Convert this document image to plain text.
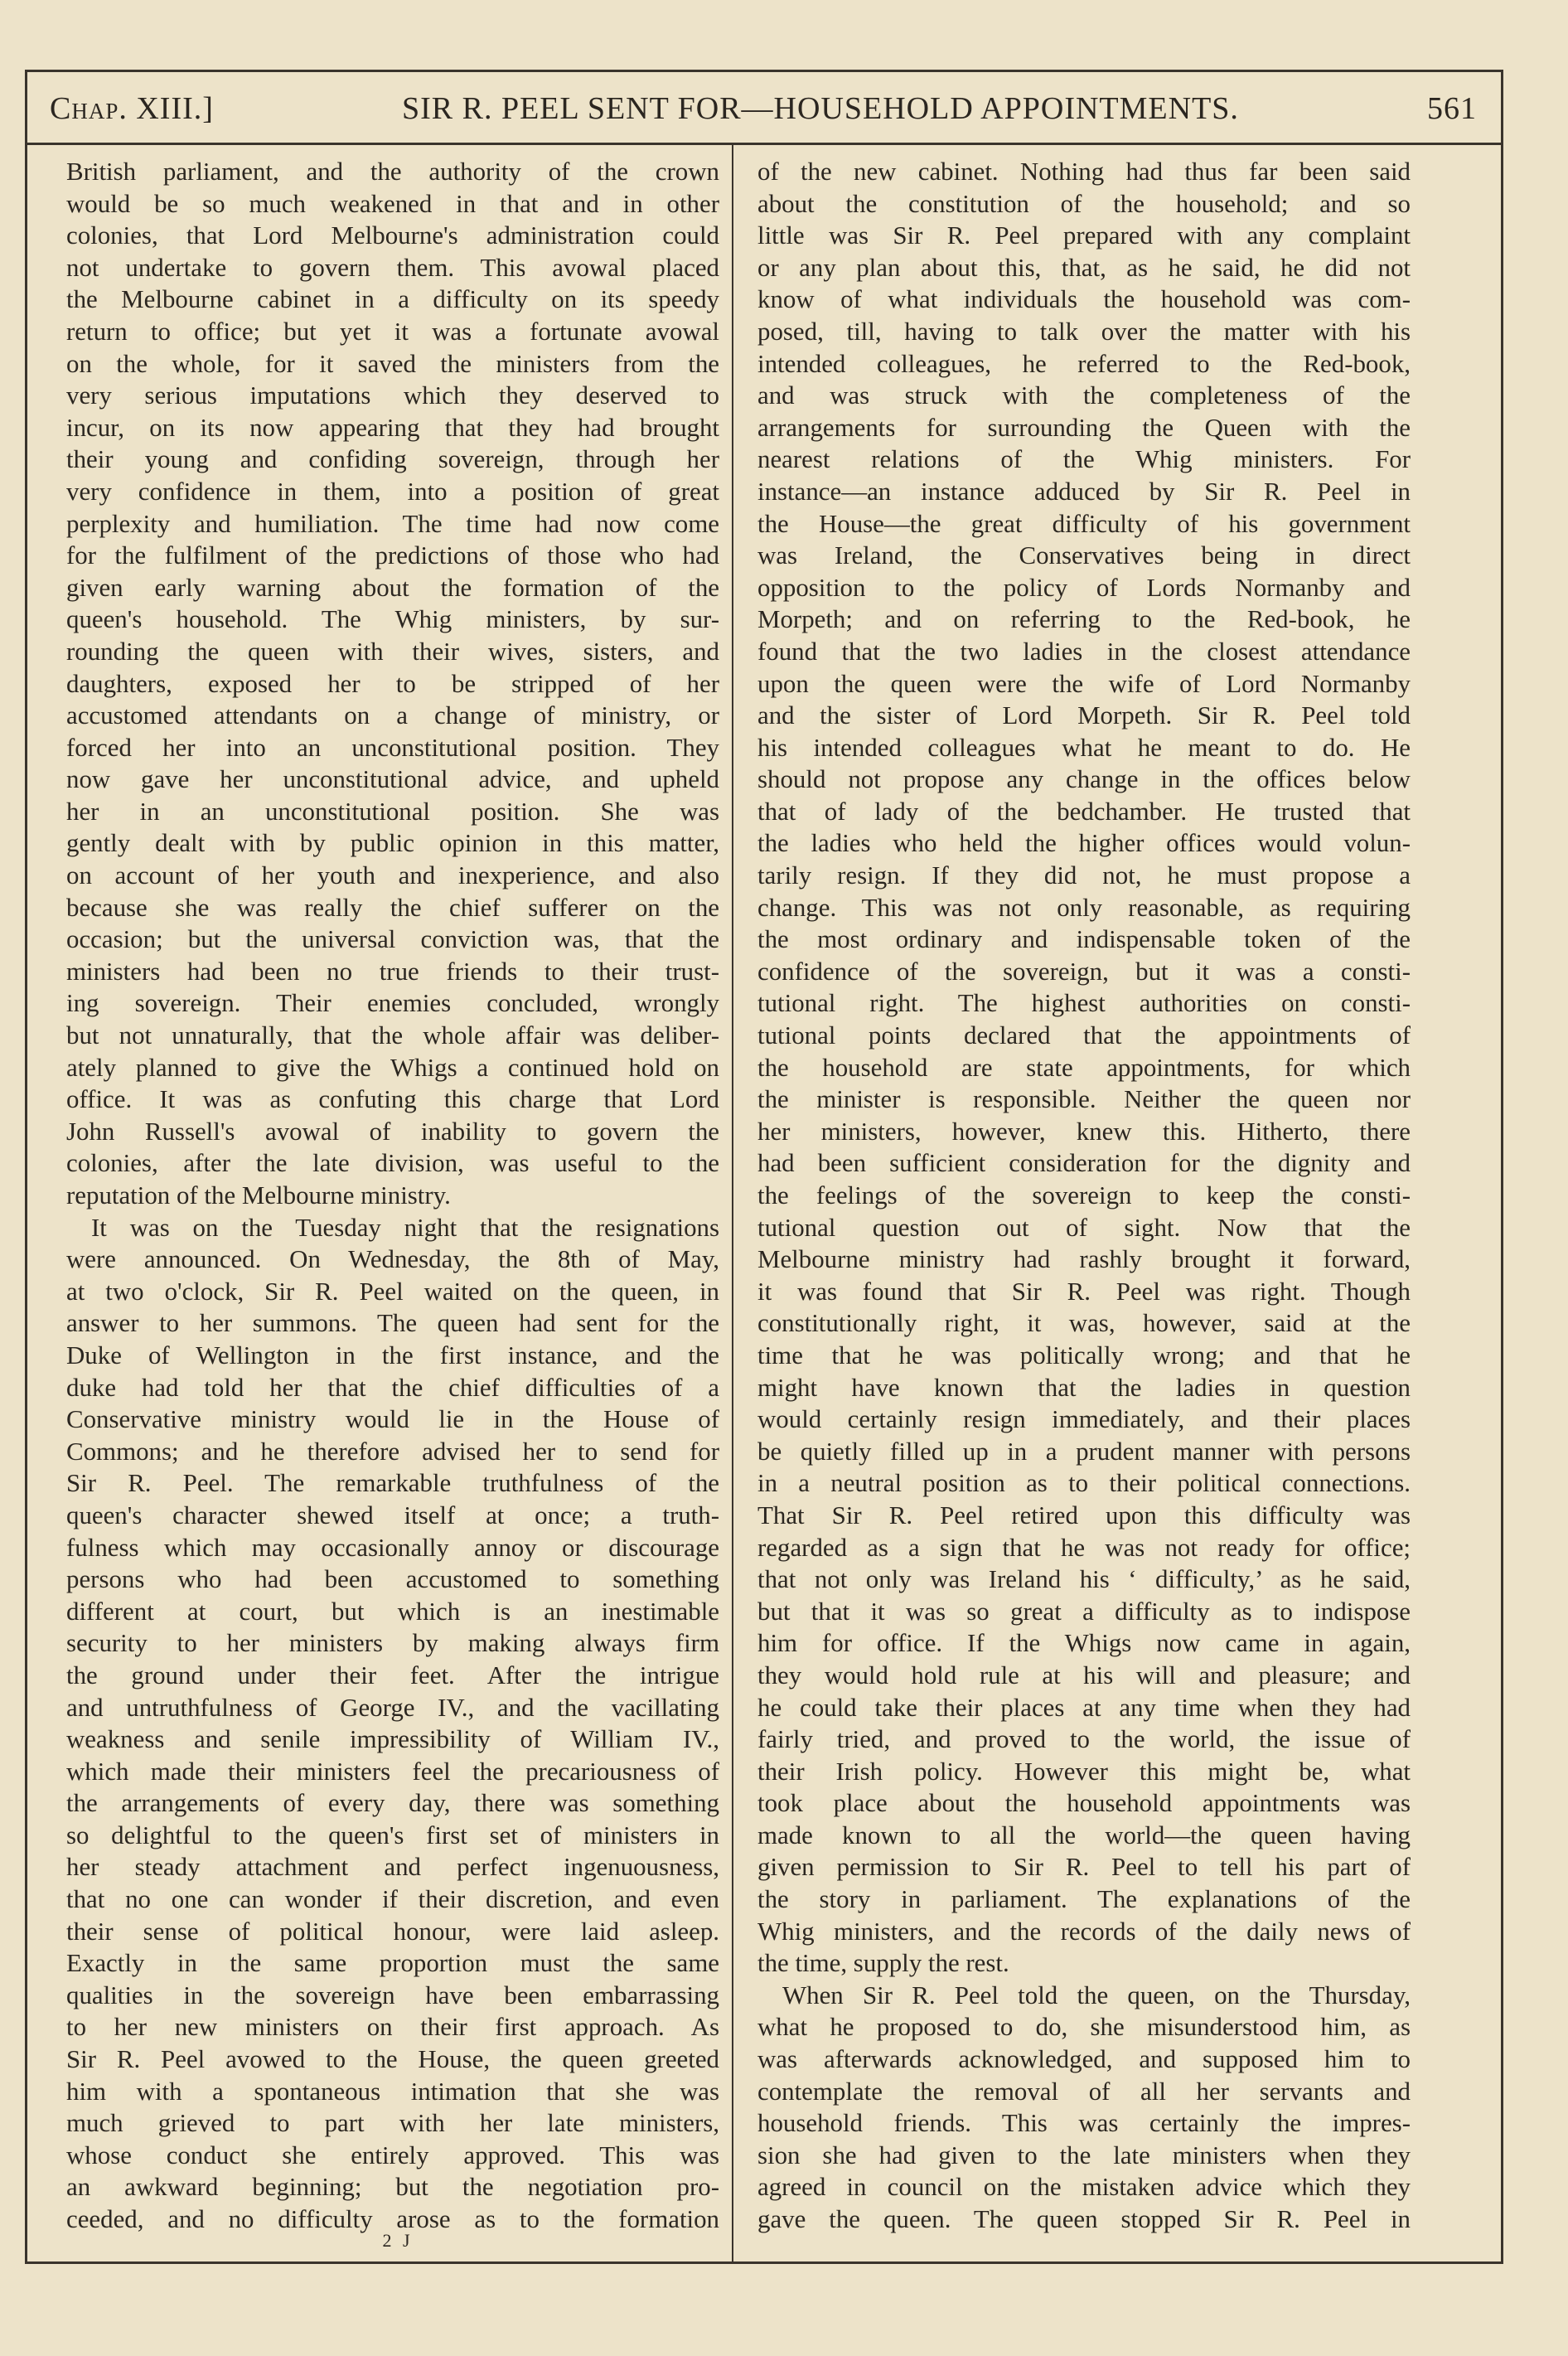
Chap. XIII.]	SIR R. PEEL SENT FOR—HOUSEHOLD APPOINTMENTS.	561
British parliament, and the authority of the crown
would be so much weakened in that and in other
colonies, that Lord Melbourne's administration could
not undertake to govern them. This avowal placed
the Melbourne cabinet in a difficulty on its speedy
return to office; but yet it was a fortunate avowal
on the whole, for it saved the ministers from the
very serious imputations which they deserved to
incur, on its now appearing that they had brought
their young and confiding sovereign, through her
very confidence in them, into a position of great
perplexity and humiliation. The time had now come
for the fulfilment of the predictions of those who had
given early warning about the formation of the
queen's household. The Whig ministers, by sur-
rounding the queen with their wives, sisters, and
daughters, exposed her to be stripped of her
accustomed attendants on a change of ministry, or
forced her into an unconstitutional position. They
now gave her unconstitutional advice, and upheld
her in an unconstitutional position. She was
gently dealt with by public opinion in this matter,
on account of her youth and inexperience, and also
because she was really the chief sufferer on the
occasion; but the universal conviction was, that the
ministers had been no true friends to their trust-
ing sovereign. Their enemies concluded, wrongly
but not unnaturally, that the whole affair was deliber-
ately planned to give the Whigs a continued hold on
office. It was as confuting this charge that Lord
John Russell's avowal of inability to govern the
colonies, after the late division, was useful to the
reputation of the Melbourne ministry.
It was on the Tuesday night that the resignations
were announced. On Wednesday, the 8th of May,
at two o'clock, Sir R. Peel waited on the queen, in
answer to her summons. The queen had sent for the
Duke of Wellington in the first instance, and the
duke had told her that the chief difficulties of a
Conservative ministry would lie in the House of
Commons; and he therefore advised her to send for
Sir R. Peel. The remarkable truthfulness of the
queen's character shewed itself at once; a truth-
fulness which may occasionally annoy or discourage
persons who had been accustomed to something
different at court, but which is an inestimable
security to her ministers by making always firm
the ground under their feet. After the intrigue
and untruthfulness of George IV., and the vacillating
weakness and senile impressibility of William IV.,
which made their ministers feel the precariousness of
the arrangements of every day, there was something
so delightful to the queen's first set of ministers in
her steady attachment and perfect ingenuousness,
that no one can wonder if their discretion, and even
their sense of political honour, were laid asleep.
Exactly in the same proportion must the same
qualities in the sovereign have been embarrassing
to her new ministers on their first approach. As
Sir R. Peel avowed to the House, the queen greeted
him with a spontaneous intimation that she was
much grieved to part with her late ministers,
whose conduct she entirely approved. This was
an awkward beginning; but the negotiation pro-
ceeded, and no difficulty arose as to the formation
of the new cabinet. Nothing had thus far been said
about the constitution of the household; and so
little was Sir R. Peel prepared with any complaint
or any plan about this, that, as he said, he did not
know of what individuals the household was com-
posed, till, having to talk over the matter with his
intended colleagues, he referred to the Red-book,
and was struck with the completeness of the
arrangements for surrounding the Queen with the
nearest relations of the Whig ministers. For
instance—an instance adduced by Sir R. Peel in
the House—the great difficulty of his government
was Ireland, the Conservatives being in direct
opposition to the policy of Lords Normanby and
Morpeth; and on referring to the Red-book, he
found that the two ladies in the closest attendance
upon the queen were the wife of Lord Normanby
and the sister of Lord Morpeth. Sir R. Peel told
his intended colleagues what he meant to do. He
should not propose any change in the offices below
that of lady of the bedchamber. He trusted that
the ladies who held the higher offices would volun-
tarily resign. If they did not, he must propose a
change. This was not only reasonable, as requiring
the most ordinary and indispensable token of the
confidence of the sovereign, but it was a consti-
tutional right. The highest authorities on consti-
tutional points declared that the appointments of
the household are state appointments, for which
the minister is responsible. Neither the queen nor
her ministers, however, knew this. Hitherto, there
had been sufficient consideration for the dignity and
the feelings of the sovereign to keep the consti-
tutional question out of sight. Now that the
Melbourne ministry had rashly brought it forward,
it was found that Sir R. Peel was right. Though
constitutionally right, it was, however, said at the
time that he was politically wrong; and that he
might have known that the ladies in question
would certainly resign immediately, and their places
be quietly filled up in a prudent manner with persons
in a neutral position as to their political connections.
That Sir R. Peel retired upon this difficulty was
regarded as a sign that he was not ready for office;
that not only was Ireland his ‘ difficulty,’ as he said,
but that it was so great a difficulty as to indispose
him for office. If the Whigs now came in again,
they would hold rule at his will and pleasure; and
he could take their places at any time when they had
fairly tried, and proved to the world, the issue of
their Irish policy. However this might be, what
took place about the household appointments was
made known to all the world—the queen having
given permission to Sir R. Peel to tell his part of
the story in parliament. The explanations of the
Whig ministers, and the records of the daily news of
the time, supply the rest.
When Sir R. Peel told the queen, on the Thursday,
what he proposed to do, she misunderstood him, as
was afterwards acknowledged, and supposed him to
contemplate the removal of all her servants and
household friends. This was certainly the impres-
sion she had given to the late ministers when they
agreed in council on the mistaken advice which they
gave the queen. The queen stopped Sir R. Peel in
2 J
